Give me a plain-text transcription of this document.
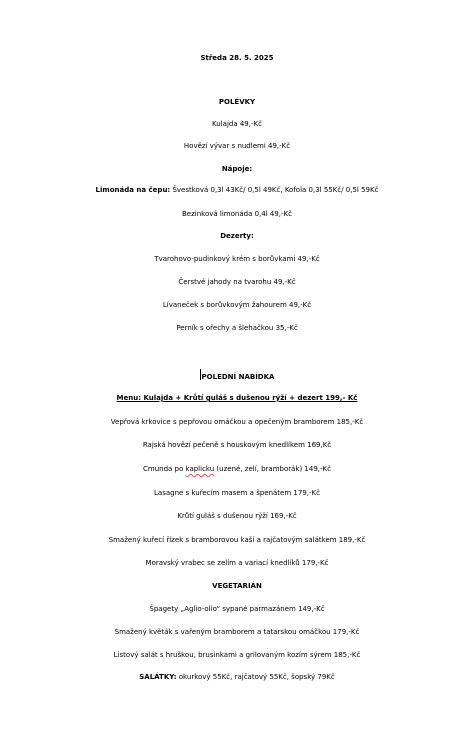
Středa 28. 5. 2025
POLÉVKY
Kulajda 49,-Kč
Hovězí vývar s nudlemi 49,-Kč
Nápoje:
Limonáda na čepu: Švestková 0,3l 43Kč/ 0,5l 49Kč, Kofola 0,3l 55Kč/ 0,5l 59Kč
Bezinková limonáda 0,4l 49,-Kč
Dezerty:
Tvarohovo-pudinkový krém s borůvkami 49,-Kč
Čerstvé jahody na tvarohu 49,-Kč
Lívaneček s borůvkovým žahourem 49,-Kč
Perník s ořechy a šlehačkou 35,-Kč
POLEDNÍ NABÍDKA
Menu: Kulajda + Krůtí guláš s dušenou rýží + dezert 199,- Kč
Vepřová krkovice s pepřovou omáčkou a opečeným bramborem 185,-Kč
Rajská hovězí pečeně s houskovým knedlíkem 169,Kč
Cmunda po kaplicku (uzené, zelí, bramborák) 149,-Kč
Lasagne s kuřecím masem a špenátem 179,-Kč
Krůtí guláš s dušenou rýží 169,-Kč
Smažený kuřecí řízek s bramborovou kaší a rajčatovým salátkem 189,-Kč
Moravský vrabec se zelím a variací knedlíků 179,-Kč
VEGETARIÁN
Špagety „Aglio-olio“ sypané parmazánem 149,-Kč
Smažený květák s vařeným bramborem a tatarskou omáčkou 179,-Kč
Listový salát s hruškou, brusinkami a grilovaným kozím sýrem 185,-Kč
SALÁTKY: okurkový 55Kč, rajčatový 55Kč, šopský 79Kč
